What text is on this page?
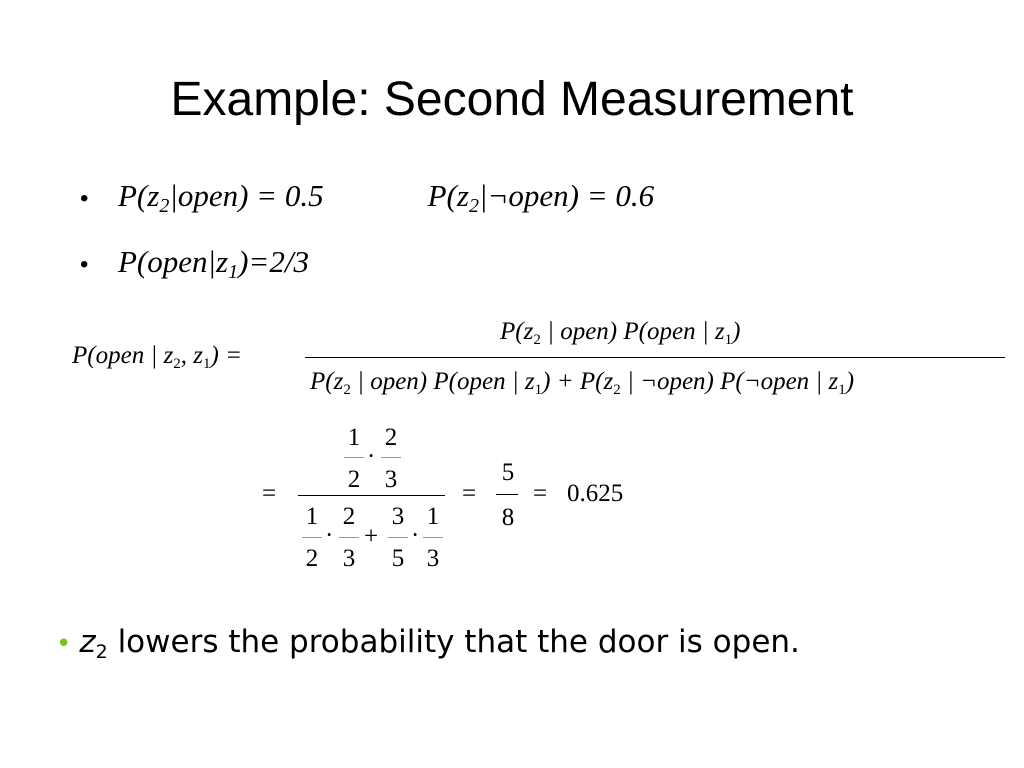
Example: Second Measurement
• $P(z_2|open) = 0.5$	$P(z_2|\neg open) = 0.6$
• $P(open|z_1)=2/3$
P(open | $z_2$, $z_1$) =
$P(z_2$ | open) P(open | $z_1$)
$P(z_2$ | open) P(open | $z_1) + P(z_2$ | ¬open) P(¬open | $z_1$)
=
1
2
·
2
3
1
2
·
2
3
+
3
5
·
1
3
=
5
8
= 0.625
• $z_2$ lowers the probability that the door is open.
